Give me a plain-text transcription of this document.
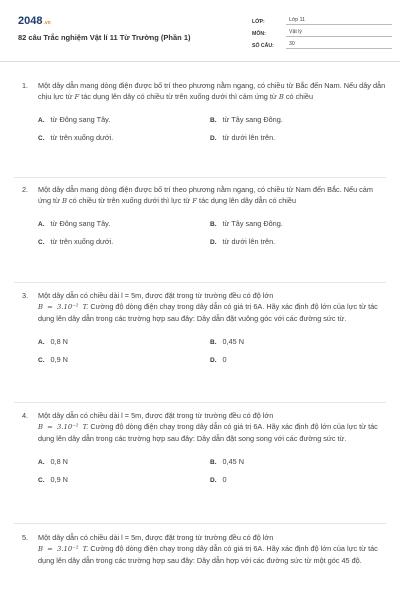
2048.vn
82 câu Trắc nghiệm Vật lí 11 Từ Trường (Phần 1)
LỚP:	Lớp 11
MÔN:	Vật lý
SỐ CÂU:	30
1. Một dây dẫn mang dòng điện được bố trí theo phương nằm ngang, có chiều từ Bắc đến Nam. Nếu dây dẫn chịu lực từ F tác dụng lên dây có chiều từ trên xuống dưới thì cảm ứng từ B có chiều
A. từ Đông sang Tây.	B. từ Tây sang Đông.
C. từ trên xuống dưới.	D. từ dưới lên trên.
2. Một dây dẫn mang dòng điện được bố trí theo phương nằm ngang, có chiều từ Nam đến Bắc. Nếu cảm ứng từ B có chiều từ trên xuống dưới thì lực từ F tác dụng lên dây dẫn có chiều
A. từ Đông sang Tây.	B. từ Tây sang Đông.
C. từ trên xuống dưới.	D. từ dưới lên trên.
3. Một dây dẫn có chiều dài l = 5m, được đặt trong từ trường đều có độ lớn
B = 3.10⁻² T. Cường độ dòng điện chạy trong dây dẫn có giá trị 6A. Hãy xác định độ lớn của lực từ tác dụng lên dây dẫn trong các trường hợp sau đây: Dây dẫn đặt vuông góc với các đường sức từ.
A. 0,8 N	B. 0,45 N
C. 0,9 N	D. 0
4. Một dây dẫn có chiều dài l = 5m, được đặt trong từ trường đều có độ lớn
B = 3.10⁻² T. Cường độ dòng điện chạy trong dây dẫn có giá trị 6A. Hãy xác định độ lớn của lực từ tác dụng lên dây dẫn trong các trường hợp sau đây: Dây dẫn đặt song song với các đường sức từ.
A. 0,8 N	B. 0,45 N
C. 0,9 N	D. 0
5. Một dây dẫn có chiều dài l = 5m, được đặt trong từ trường đều có độ lớn
B = 3.10⁻² T. Cường độ dòng điện chạy trong dây dẫn có giá trị 6A. Hãy xác định độ lớn của lực từ tác dụng lên dây dẫn trong các trường hợp sau đây: Dây dẫn hợp với các đường sức từ một góc 45 độ.
